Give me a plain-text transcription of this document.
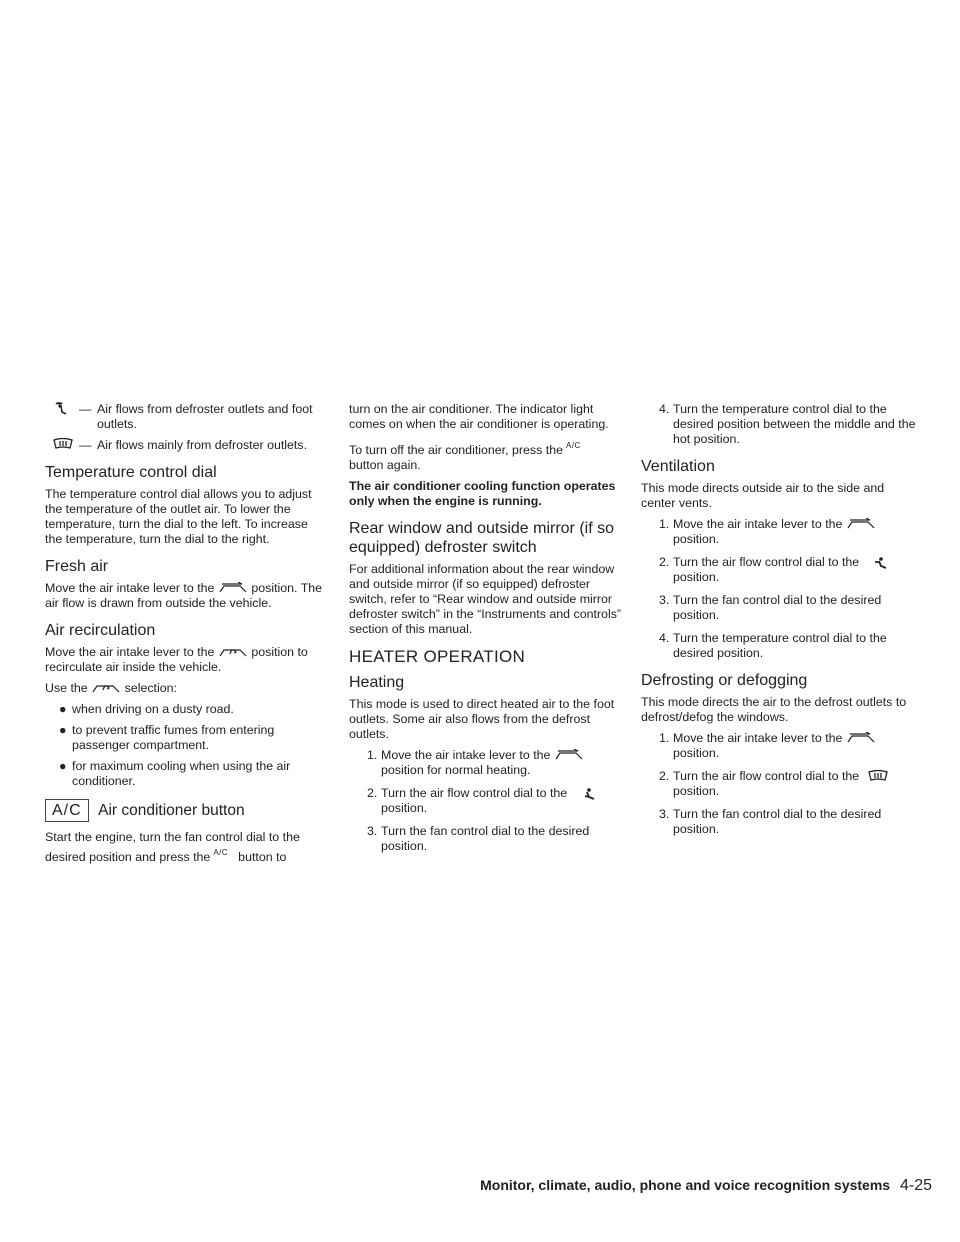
— Air flows from defroster outlets and foot outlets.
— Air flows mainly from defroster outlets.
Temperature control dial

The temperature control dial allows you to adjust the temperature of the outlet air. To lower the temperature, turn the dial to the left. To increase the temperature, turn the dial to the right.

Fresh air

Move the air intake lever to the	position. The air flow is drawn from outside the vehicle.

Air recirculation

Move the air intake lever to the	position to recirculate air inside the vehicle.

Use the	selection:

● when driving on a dusty road.
● to prevent traffic fumes from entering passenger compartment.
● for maximum cooling when using the air conditioner.
A/C Air conditioner button

Start the engine, turn the fan control dial to the desired position and press the $^{A/C}$ button to

turn on the air conditioner. The indicator light comes on when the air conditioner is operating.

To turn off the air conditioner, press the $^{A/C}$
button again.

The air conditioner cooling function operates only when the engine is running.

Rear window and outside mirror (if so equipped) defroster switch

For additional information about the rear window and outside mirror (if so equipped) defroster switch, refer to “Rear window and outside mirror defroster switch” in the “Instruments and controls” section of this manual.

HEATER OPERATION
Heating

This mode is used to direct heated air to the foot outlets. Some air also flows from the defrost outlets.

1. Move the air intake lever to the
position for normal heating.
2. Turn the air flow control dial to the
position.
3. Turn the fan control dial to the desired position.
4. Turn the temperature control dial to the desired position between the middle and the hot position.
Ventilation

This mode directs outside air to the side and center vents.

1. Move the air intake lever to the
position.
2. Turn the air flow control dial to the
position.
3. Turn the fan control dial to the desired position.
4. Turn the temperature control dial to the desired position.
Defrosting or defogging

This mode directs the air to the defrost outlets to defrost/defog the windows.

1. Move the air intake lever to the
position.
2. Turn the air flow control dial to the
position.
3. Turn the fan control dial to the desired position.
Monitor, climate, audio, phone and voice recognition systems 4-25
